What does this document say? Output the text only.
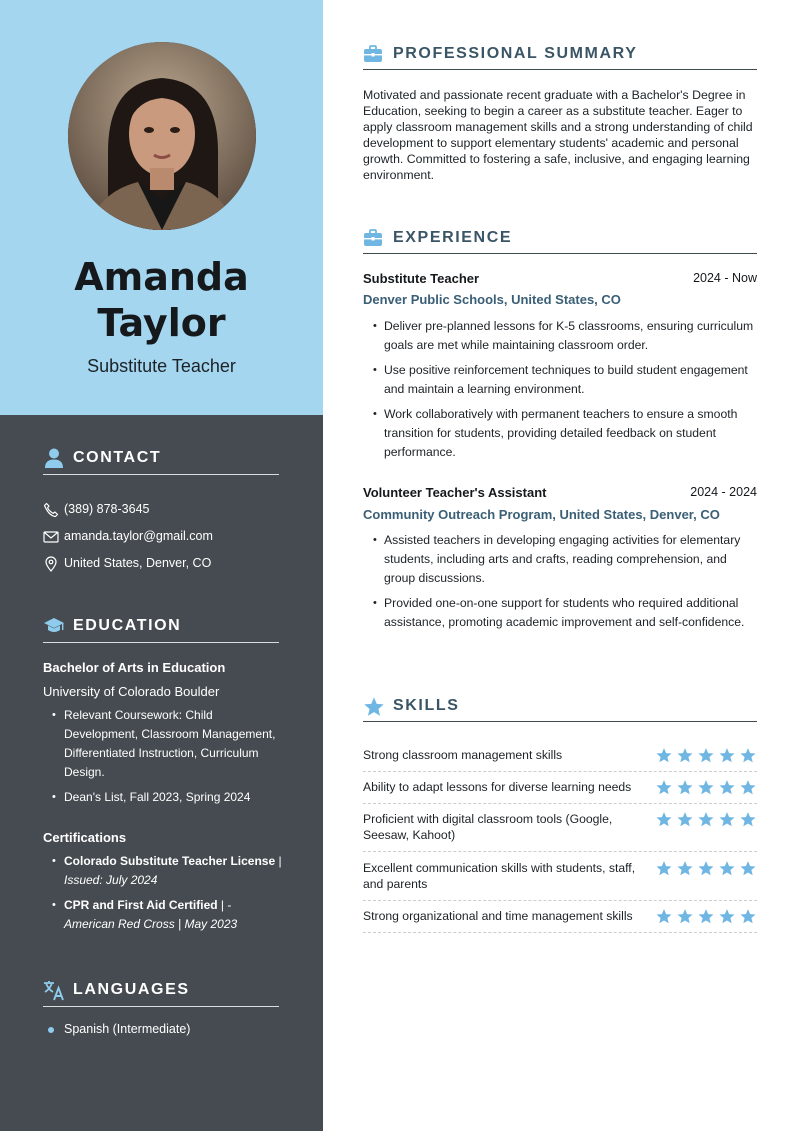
Amanda
Taylor
Substitute Teacher
CONTACT
(389) 878-3645
amanda.taylor@gmail.com
United States, Denver, CO
EDUCATION
Bachelor of Arts in Education
University of Colorado Boulder
• Relevant Coursework: Child Development, Classroom Management, Differentiated Instruction, Curriculum Design.
• Dean's List, Fall 2023, Spring 2024
Certifications
• Colorado Substitute Teacher License | Issued: July 2024
• CPR and First Aid Certified | - American Red Cross | May 2023
LANGUAGES
Spanish (Intermediate)
PROFESSIONAL SUMMARY
Motivated and passionate recent graduate with a Bachelor's Degree in Education, seeking to begin a career as a substitute teacher. Eager to apply classroom management skills and a strong understanding of child development to support elementary students' academic and personal growth. Committed to fostering a safe, inclusive, and engaging learning environment.
EXPERIENCE
Substitute Teacher	2024 - Now
Denver Public Schools, United States, CO
• Deliver pre-planned lessons for K-5 classrooms, ensuring curriculum goals are met while maintaining classroom order.
• Use positive reinforcement techniques to build student engagement and maintain a learning environment.
• Work collaboratively with permanent teachers to ensure a smooth transition for students, providing detailed feedback on student performance.
Volunteer Teacher's Assistant	2024 - 2024
Community Outreach Program, United States, Denver, CO
• Assisted teachers in developing engaging activities for elementary students, including arts and crafts, reading comprehension, and group discussions.
• Provided one-on-one support for students who required additional assistance, promoting academic improvement and self-confidence.
SKILLS
Strong classroom management skills
Ability to adapt lessons for diverse learning needs
Proficient with digital classroom tools (Google, Seesaw, Kahoot)
Excellent communication skills with students, staff, and parents
Strong organizational and time management skills
